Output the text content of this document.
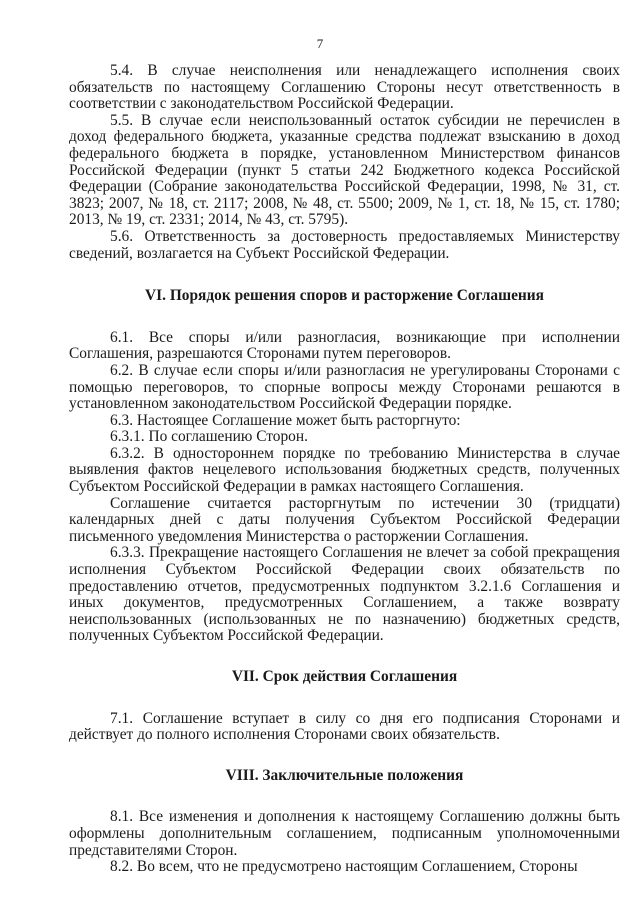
7

5.4. В случае неисполнения или ненадлежащего исполнения своих обязательств по настоящему Соглашению Стороны несут ответственность в соответствии с законодательством Российской Федерации.

5.5. В случае если неиспользованный остаток субсидии не перечислен в доход федерального бюджета, указанные средства подлежат взысканию в доход федерального бюджета в порядке, установленном Министерством финансов Российской Федерации (пункт 5 статьи 242 Бюджетного кодекса Российской Федерации (Собрание законодательства Российской Федерации, 1998, № 31, ст. 3823; 2007, № 18, ст. 2117; 2008, № 48, ст. 5500; 2009, № 1, ст. 18, № 15, ст. 1780; 2013, № 19, ст. 2331; 2014, № 43, ст. 5795).

5.6. Ответственность за достоверность предоставляемых Министерству сведений, возлагается на Субъект Российской Федерации.

VI. Порядок решения споров и расторжение Соглашения

6.1. Все споры и/или разногласия, возникающие при исполнении Соглашения, разрешаются Сторонами путем переговоров.

6.2. В случае если споры и/или разногласия не урегулированы Сторонами с помощью переговоров, то спорные вопросы между Сторонами решаются в установленном законодательством Российской Федерации порядке.

6.3. Настоящее Соглашение может быть расторгнуто:

6.3.1. По соглашению Сторон.

6.3.2. В одностороннем порядке по требованию Министерства в случае выявления фактов нецелевого использования бюджетных средств, полученных Субъектом Российской Федерации в рамках настоящего Соглашения.

Соглашение считается расторгнутым по истечении 30 (тридцати) календарных дней с даты получения Субъектом Российской Федерации письменного уведомления Министерства о расторжении Соглашения.

6.3.3. Прекращение настоящего Соглашения не влечет за собой прекращения исполнения Субъектом Российской Федерации своих обязательств по предоставлению отчетов, предусмотренных подпунктом 3.2.1.6 Соглашения и иных документов, предусмотренных Соглашением, а также возврату неиспользованных (использованных не по назначению) бюджетных средств, полученных Субъектом Российской Федерации.

VII. Срок действия Соглашения

7.1. Соглашение вступает в силу со дня его подписания Сторонами и действует до полного исполнения Сторонами своих обязательств.

VIII. Заключительные положения

8.1. Все изменения и дополнения к настоящему Соглашению должны быть оформлены дополнительным соглашением, подписанным уполномоченными представителями Сторон.

8.2. Во всем, что не предусмотрено настоящим Соглашением, Стороны
